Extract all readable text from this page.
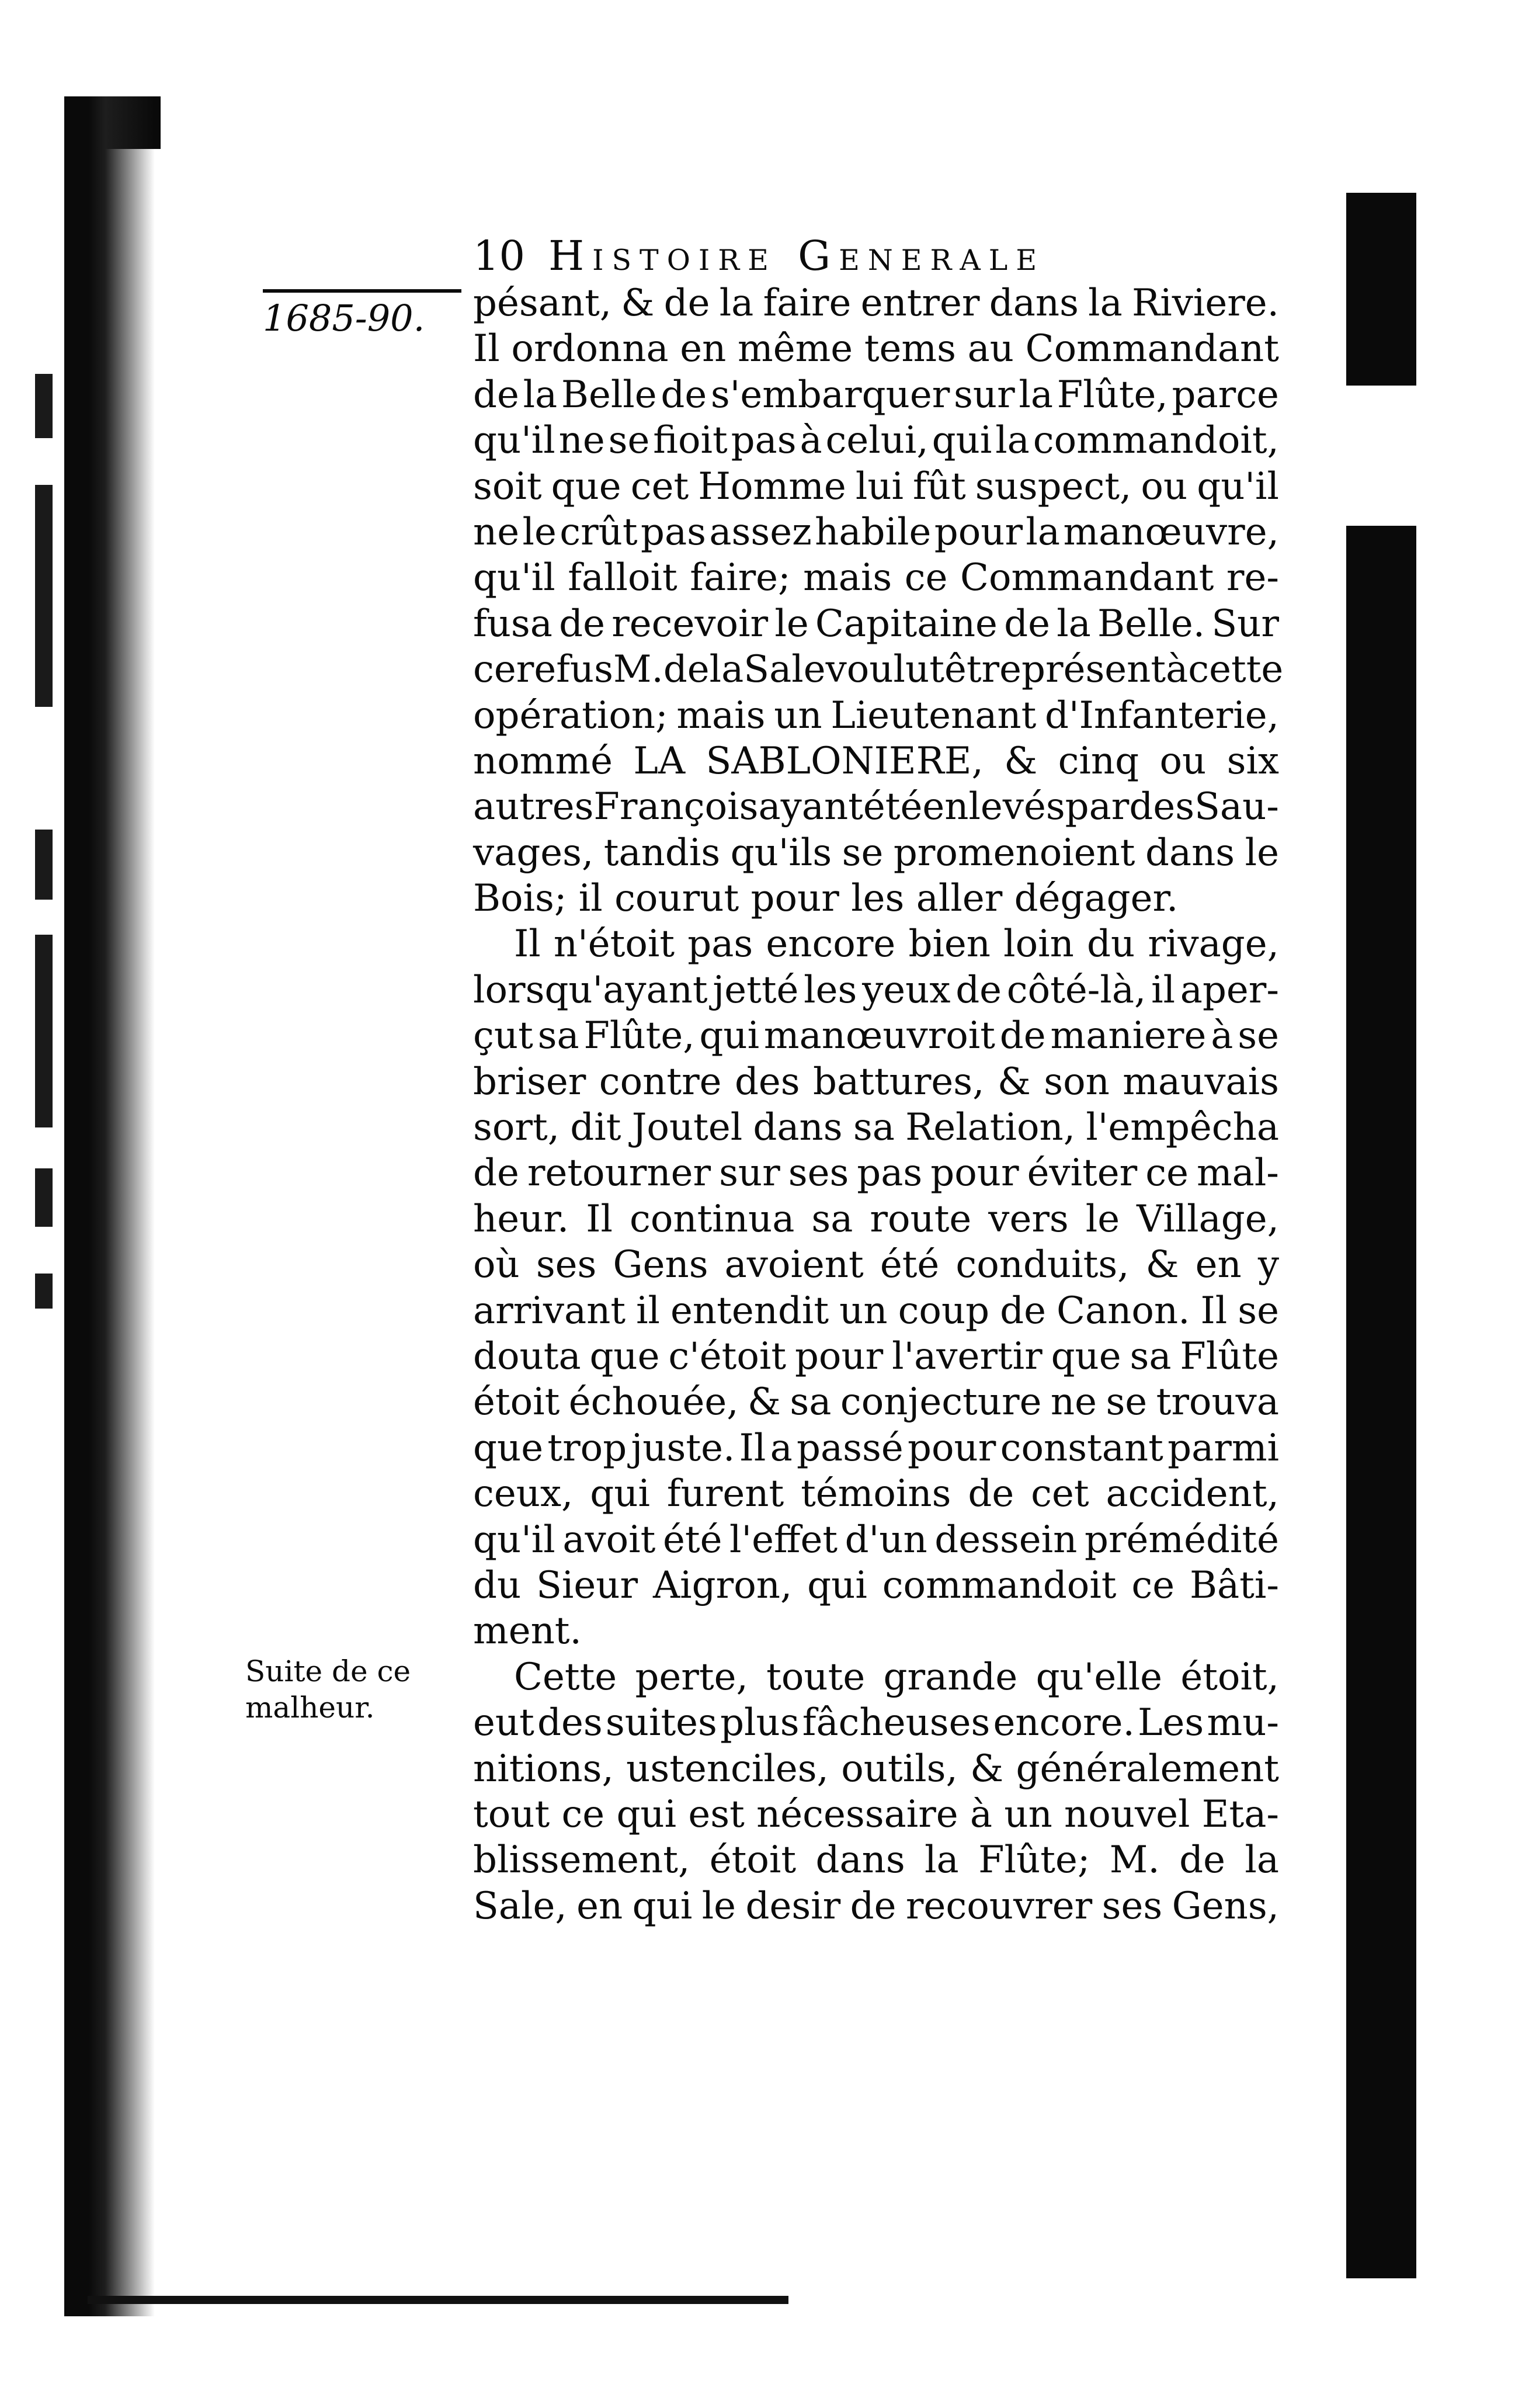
10 Histoire Generale
1685-90.
Suite de ce
malheur.
pésant, & de la faire entrer dans la Riviere.
Il ordonna en même tems au Commandant
de la Belle de s'embarquer sur la Flûte, parce
qu'il ne se fioit pas à celui, qui la commandoit,
soit que cet Homme lui fût suspect, ou qu'il
ne le crût pas assez habile pour la manœuvre,
qu'il falloit faire; mais ce Commandant re-
fusa de recevoir le Capitaine de la Belle. Sur
ce refus M. de la Sale voulut être présent à cette
opération; mais un Lieutenant d'Infanterie,
nommé LA SABLONIERE, & cinq ou six
autres François ayant été enlevés par des Sau-
vages, tandis qu'ils se promenoient dans le
Bois; il courut pour les aller dégager.
Il n'étoit pas encore bien loin du rivage,
lorsqu'ayant jetté les yeux de côté-là, il aper-
çut sa Flûte, qui manœuvroit de maniere à se
briser contre des battures, & son mauvais
sort, dit Joutel dans sa Relation, l'empêcha
de retourner sur ses pas pour éviter ce mal-
heur. Il continua sa route vers le Village,
où ses Gens avoient été conduits, & en y
arrivant il entendit un coup de Canon. Il se
douta que c'étoit pour l'avertir que sa Flûte
étoit échouée, & sa conjecture ne se trouva
que trop juste. Il a passé pour constant parmi
ceux, qui furent témoins de cet accident,
qu'il avoit été l'effet d'un dessein prémédité
du Sieur Aigron, qui commandoit ce Bâti-
ment.
Cette perte, toute grande qu'elle étoit,
eut des suites plus fâcheuses encore. Les mu-
nitions, ustenciles, outils, & généralement
tout ce qui est nécessaire à un nouvel Eta-
blissement, étoit dans la Flûte; M. de la
Sale, en qui le desir de recouvrer ses Gens,
